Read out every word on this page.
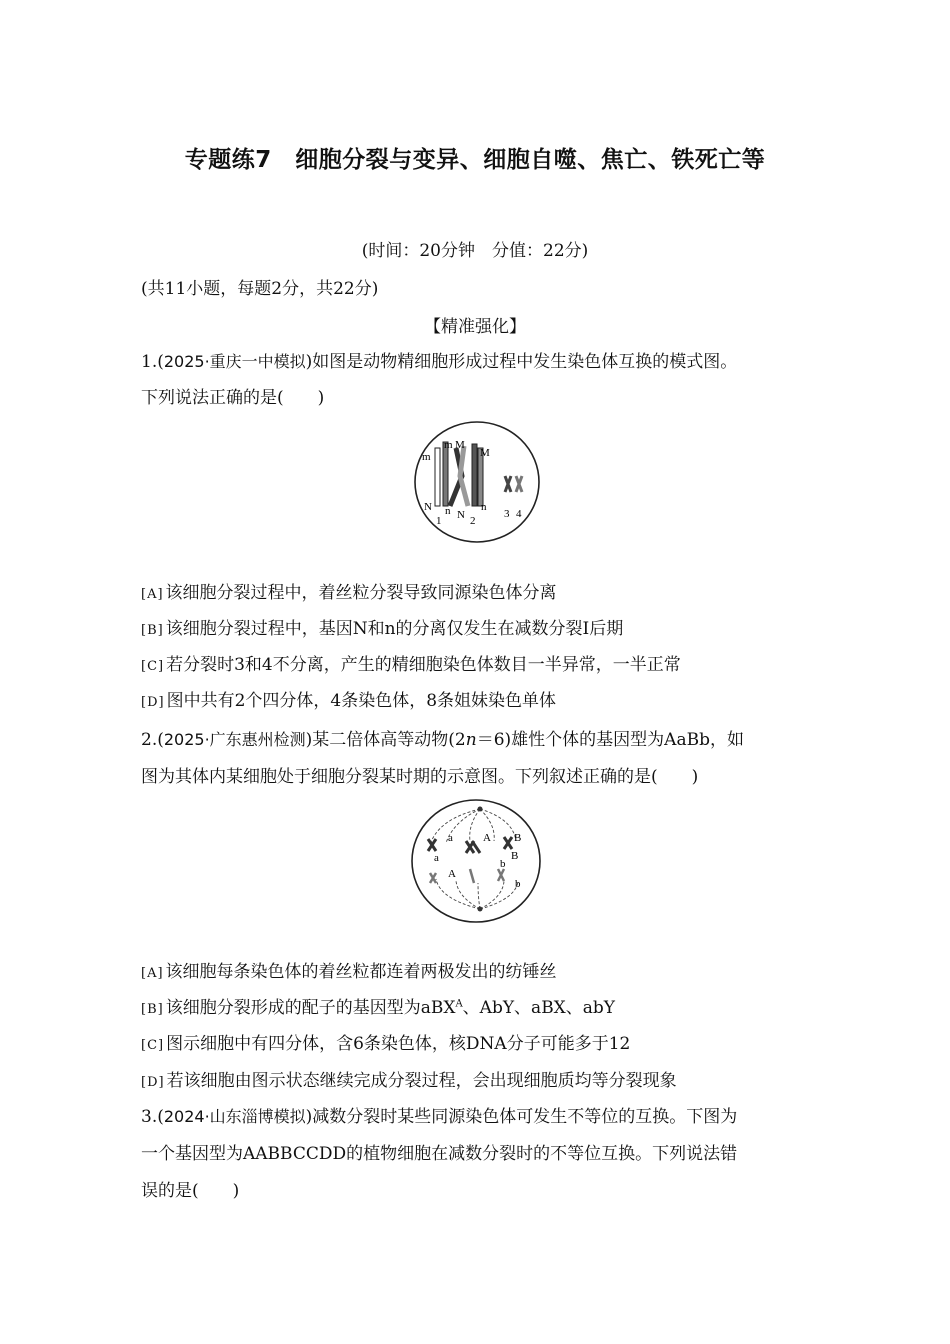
专题练7　细胞分裂与变异、细胞自噬、焦亡、铁死亡等
(时间：20分钟　分值：22分)
(共11小题，每题2分，共22分)
【精准强化】
1.(2025·重庆一中模拟)如图是动物精细胞形成过程中发生染色体互换的模式图。
下列说法正确的是(　　)
m
m M
M
N n	n
N
1	2
3 4
[A] 该细胞分裂过程中，着丝粒分裂导致同源染色体分离
[B] 该细胞分裂过程中，基因N和n的分离仅发生在减数分裂Ⅰ后期
[C] 若分裂时3和4不分离，产生的精细胞染色体数目一半异常，一半正常
[D] 图中共有2个四分体，4条染色体，8条姐妹染色单体
2.(2025·广东惠州检测)某二倍体高等动物(2n＝6)雄性个体的基因型为AaBb，如
图为其体内某细胞处于细胞分裂某时期的示意图。下列叙述正确的是(　　)
a	A
a
B
B
b
A
b
[A] 该细胞每条染色体的着丝粒都连着两极发出的纺锤丝
[B] 该细胞分裂形成的配子的基因型为aBX$^A$、AbY、aBX、abY
[C] 图示细胞中有四分体，含6条染色体，核DNA分子可能多于12
[D] 若该细胞由图示状态继续完成分裂过程，会出现细胞质均等分裂现象
3.(2024·山东淄博模拟)减数分裂时某些同源染色体可发生不等位的互换。下图为
一个基因型为AABBCCDD的植物细胞在减数分裂时的不等位互换。下列说法错
误的是(　　)
